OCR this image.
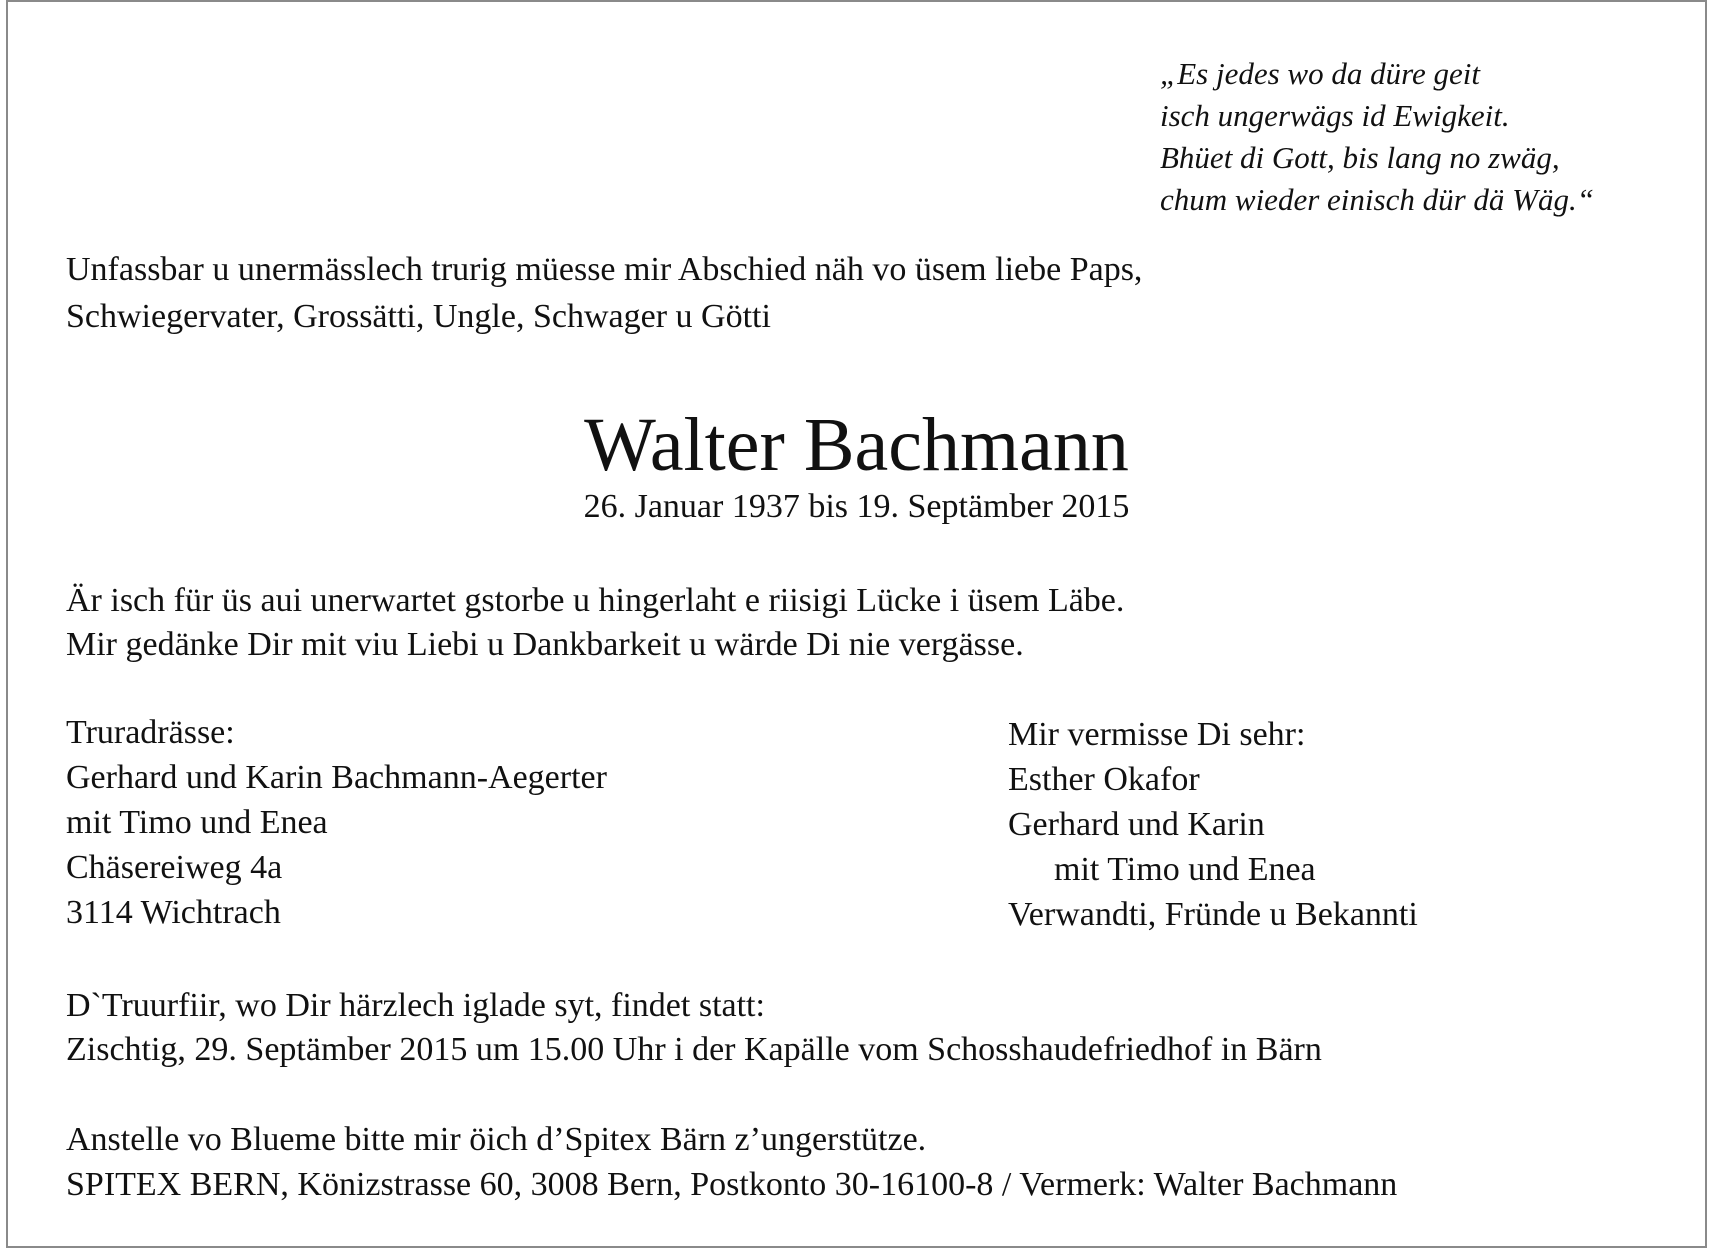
„Es jedes wo da düre geit
isch ungerwägs id Ewigkeit.
Bhüet di Gott, bis lang no zwäg,
chum wieder einisch dür dä Wäg.“
Unfassbar u unermässlech trurig müesse mir Abschied näh vo üsem liebe Paps,
Schwiegervater, Grossätti, Ungle, Schwager u Götti
Walter Bachmann
26. Januar 1937 bis 19. Septämber 2015
Är isch für üs aui unerwartet gstorbe u hingerlaht e riisigi Lücke i üsem Läbe.
Mir gedänke Dir mit viu Liebi u Dankbarkeit u wärde Di nie vergässe.
Truradrässe:
Gerhard und Karin Bachmann-Aegerter
mit Timo und Enea
Chäsereiweg 4a
3114 Wichtrach
Mir vermisse Di sehr:
Esther Okafor
Gerhard und Karin
mit Timo und Enea
Verwandti, Fründe u Bekannti
D`Truurfiir, wo Dir härzlech iglade syt, findet statt:
Zischtig, 29. Septämber 2015 um 15.00 Uhr i der Kapälle vom Schosshaudefriedhof in Bärn
Anstelle vo Blueme bitte mir öich d’Spitex Bärn z’ungerstütze.
SPITEX BERN, Könizstrasse 60, 3008 Bern, Postkonto 30-16100-8 / Vermerk: Walter Bachmann
